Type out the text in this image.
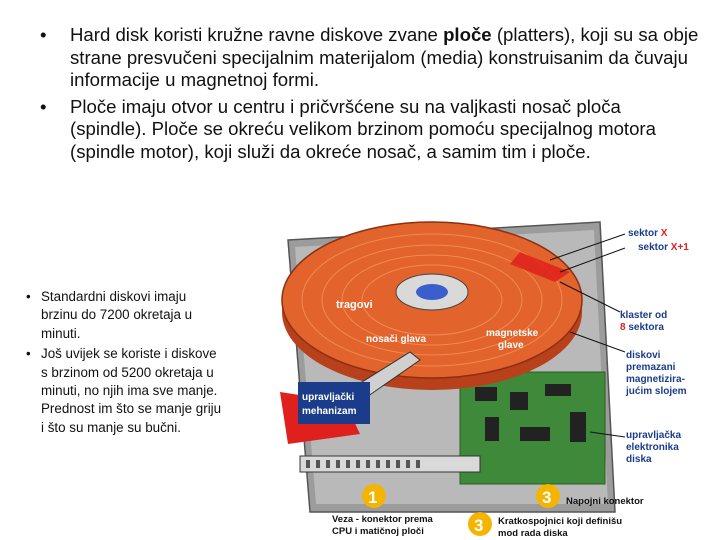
• Hard disk koristi kružne ravne diskove zvane ploče (platters), koji su sa obje strane presvučeni specijalnim materijalom (media) konstruisanim da čuvaju informacije u magnetnoj formi.
• Ploče imaju otvor u centru i pričvršćene su na valjkasti nosač ploča (spindle). Ploče se okreću velikom brzinom pomoću specijalnog motora (spindle motor), koji služi da okreće nosač, a samim tim i ploče.
• Standardni diskovi imaju brzinu do 7200 okretaja u minuti.
• Još uvijek se koriste i diskove s brzinom od 5200 okretaja u minuti, no njih ima sve manje. Prednost im što se manje griju i što su manje su bučni.
sektor X
sektor X+1
klaster od
8 sektora
diskovi
premazani
magnetizira-
jućim slojem
upravljačka
elektronika
diska
tragovi
nosači glava
magnetske
glave
upravljački
mehanizam
1	3
3
Napojni konektor
Veza - konektor prema
CPU i matičnoj ploči
Kratkospojnici koji definišu
mod rada diska
